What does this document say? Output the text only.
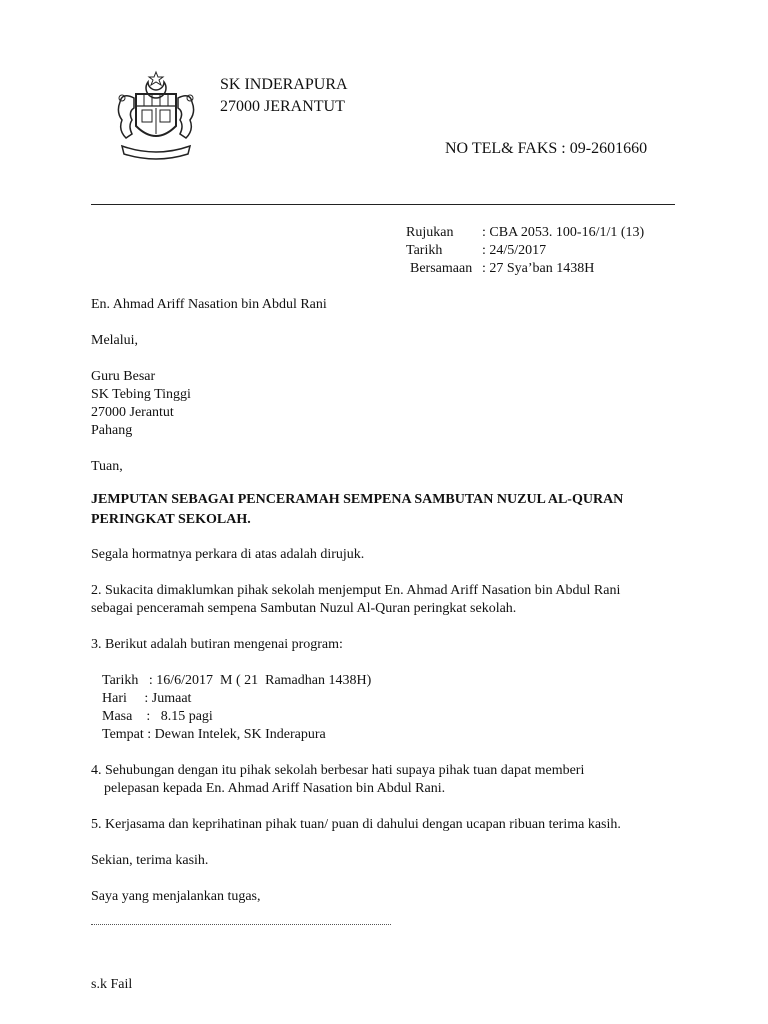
SK INDERAPURA
27000 JERANTUT
NO TEL& FAKS : 09-2601660
Rujukan	: CBA 2053. 100-16/1/1 (13)
Tarikh	: 24/5/2017
Bersamaan : 27 Sya’ban 1438H
En. Ahmad Ariff Nasation bin Abdul Rani
Melalui,
Guru Besar
SK Tebing Tinggi
27000 Jerantut
Pahang
Tuan,
JEMPUTAN SEBAGAI PENCERAMAH SEMPENA SAMBUTAN NUZUL AL-QURAN PERINGKAT SEKOLAH.
Segala hormatnya perkara di atas adalah dirujuk.
2. Sukacita dimaklumkan pihak sekolah menjemput En. Ahmad Ariff Nasation bin Abdul Rani
sebagai penceramah sempena Sambutan Nuzul Al-Quran peringkat sekolah.
3. Berikut adalah butiran mengenai program:
Tarikh   : 16/6/2017  M ( 21  Ramadhan 1438H)
Hari     : Jumaat
Masa    :   8.15 pagi
Tempat : Dewan Intelek, SK Inderapura
4. Sehubungan dengan itu pihak sekolah berbesar hati supaya pihak tuan dapat memberi
pelepasan kepada En. Ahmad Ariff Nasation bin Abdul Rani.
5. Kerjasama dan keprihatinan pihak tuan/ puan di dahului dengan ucapan ribuan terima kasih.
Sekian, terima kasih.
Saya yang menjalankan tugas,
s.k Fail
